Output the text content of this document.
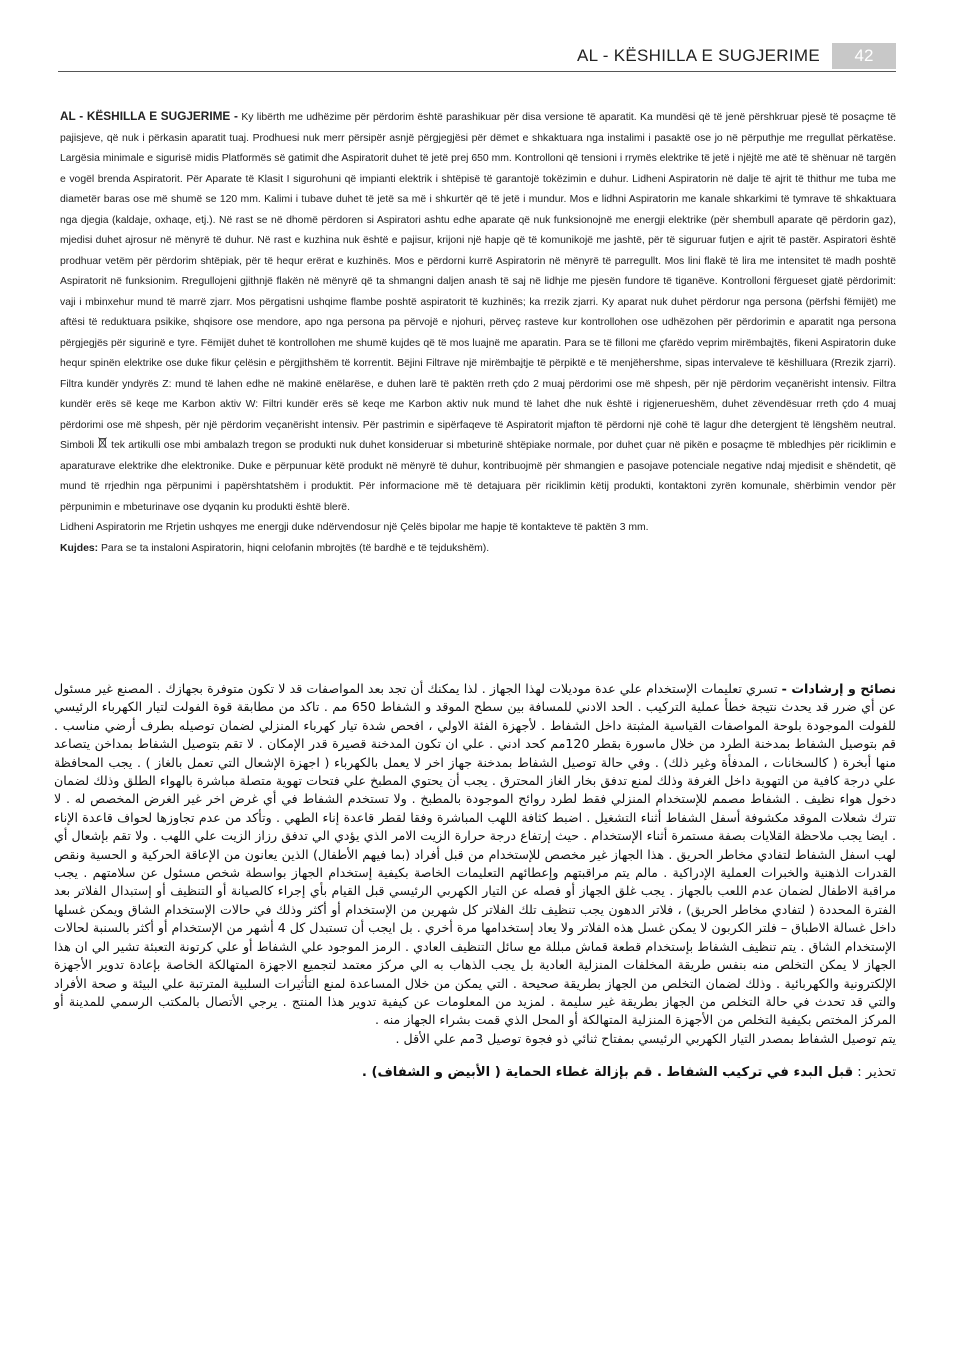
AL - KËSHILLA E SUGJERIME	42

AL - KËSHILLA E SUGJERIME - Ky libërth me udhëzime për përdorim është parashikuar për disa versione të aparatit. Ka mundësi që të jenë përshkruar pjesë të posaçme të pajisjeve, që nuk i përkasin aparatit tuaj. Prodhuesi nuk merr përsipër asnjë përgjegjësi për dëmet e shkaktuara nga instalimi i pasaktë ose jo në përputhje me rregullat përkatëse. Largësia minimale e sigurisë midis Platformës së gatimit dhe Aspiratorit duhet të jetë prej 650 mm. Kontrolloni që tensioni i rrymës elektrike të jetë i njëjtë me atë të shënuar në targën e vogël brenda Aspiratorit. Për Aparate të Klasit I sigurohuni që impianti elektrik i shtëpisë të garantojë tokëzimin e duhur. Lidheni Aspiratorin në dalje të ajrit të thithur me tuba me diametër baras ose më shumë se 120 mm. Kalimi i tubave duhet të jetë sa më i shkurtër që të jetë i mundur. Mos e lidhni Aspiratorin me kanale shkarkimi të tymrave të shkaktuara nga djegia (kaldaje, oxhaqe, etj.). Në rast se në dhomë përdoren si Aspiratori ashtu edhe aparate që nuk funksionojnë me energji elektrike (për shembull aparate që përdorin gaz), mjedisi duhet ajrosur në mënyrë të duhur. Në rast e kuzhina nuk është e pajisur, krijoni një hapje që të komunikojë me jashtë, për të siguruar futjen e ajrit të pastër. Aspiratori është prodhuar vetëm për përdorim shtëpiak, për të hequr erërat e kuzhinës. Mos e përdorni kurrë Aspiratorin në mënyrë të parregullt. Mos lini flakë të lira me intensitet të madh poshtë Aspiratorit në funksionim. Rregullojeni gjithnjë flakën në mënyrë që ta shmangni daljen anash të saj në lidhje me pjesën fundore të tiganëve. Kontrolloni fërgueset gjatë përdorimit: vaji i mbinxehur mund të marrë zjarr. Mos përgatisni ushqime flambe poshtë aspiratorit të kuzhinës; ka rrezik zjarri. Ky aparat nuk duhet përdorur nga persona (përfshi fëmijët) me aftësi të reduktuara psikike, shqisore ose mendore, apo nga persona pa përvojë e njohuri, përveç rasteve kur kontrollohen ose udhëzohen për përdorimin e aparatit nga persona përgjegjës për sigurinë e tyre. Fëmijët duhet të kontrollohen me shumë kujdes që të mos luajnë me aparatin. Para se të filloni me çfarëdo veprim mirëmbajtës, fikeni Aspiratorin duke hequr spinën elektrike ose duke fikur çelësin e përgjithshëm të korrentit. Bëjini Filtrave një mirëmbajtje të përpiktë e të menjëhershme, sipas intervaleve të këshilluara (Rrezik zjarri). Filtra kundër yndyrës Z: mund të lahen edhe në makinë enëlarëse, e duhen larë të paktën rreth çdo 2 muaj përdorimi ose më shpesh, për një përdorim veçanërisht intensiv. Filtra kundër erës së keqe me Karbon aktiv W: Filtri kundër erës së keqe me Karbon aktiv nuk mund të lahet dhe nuk është i rigjenerueshëm, duhet zëvendësuar rreth çdo 4 muaj përdorimi ose më shpesh, për një përdorim veçanërisht intensiv. Për pastrimin e sipërfaqeve të Aspiratorit mjafton të përdorni një cohë të lagur dhe detergjent të lëngshëm neutral. Simboli tek artikulli ose mbi ambalazh tregon se produkti nuk duhet konsideruar si mbeturinë shtëpiake normale, por duhet çuar në pikën e posaçme të mbledhjes për riciklimin e aparaturave elektrike dhe elektronike. Duke e përpunuar këtë produkt në mënyrë të duhur, kontribuojmë për shmangien e pasojave potenciale negative ndaj mjedisit e shëndetit, që mund të rrjedhin nga përpunimi i papërshtatshëm i produktit. Për informacione më të detajuara për riciklimin këtij produkti, kontaktoni zyrën komunale, shërbimin vendor për përpunimin e mbeturinave ose dyqanin ku produkti është blerë.

Lidheni Aspiratorin me Rrjetin ushqyes me energji duke ndërvendosur një Çelës bipolar me hapje të kontakteve të paktën 3 mm.

Kujdes: Para se ta instaloni Aspiratorin, hiqni celofanin mbrojtës (të bardhë e të tejdukshëm).

نصائح و إرشادات - تسري تعليمات الإستخدام علي عدة موديلات لهذا الجهاز . لذا يمكنك أن تجد بعد المواصفات قد لا تكون متوفرة بجهازك . المصنع غير مسئول عن أي ضرر قد يحدث نتيجة خطأ عملية التركيب . الحد الادني للمسافة بين سطح الموقد و الشفاط 650 مم . تاكد من مطابقة قوة الفولت لتيار الكهرباء الرئيسي للفولت الموجودة بلوحة المواصفات القياسية المثبتة داخل الشفاط . لأجهزة الفئة الاولي ، افحص شدة تيار كهرباء المنزلي لضمان توصيله بطرف أرضي مناسب . قم بتوصيل الشفاط بمدخنة الطرد من خلال ماسورة بقطر 120مم كحد ادني . علي ان تكون المدخنة قصيرة قدر الإمكان . لا تقم بتوصيل الشفاط بمداخن يتصاعد منها أبخرة ( كالسخانات ، المدفأة وغير ذلك) . وفي حالة توصيل الشفاط بمدخنة جهاز اخر لا يعمل بالكهرباء ( اجهزة الإشعال التي تعمل بالغاز ) . يجب المحافظة علي درجة كافية من التهوية داخل الغرفة وذلك لمنع تدفق بخار الغاز المحترق . يجب أن يحتوي المطبخ علي فتحات تهوية متصلة مباشرة بالهواء الطلق وذلك لضمان دخول هواء نظيف . الشفاط مصمم للإستخدام المنزلي فقط لطرد روائح الموجودة بالمطبخ . ولا تستخدم الشفاط في أي غرض اخر غير الغرض المخصص له . لا تترك شعلات الموقد مكشوفة أسفل الشفاط أثناء التشغيل . اضبط كثافة اللهب المباشرة وفقا لقطر قاعدة إناء الطهي . وتأكد من عدم تجاوزها لحواف قاعدة الإناء . ايضا يجب ملاحظة القلايات بصفة مستمرة أثناء الإستخدام . حيث إرتفاع درجة حرارة الزيت الامر الذي يؤدي الي تدفق رزاز الزيت علي اللهب . ولا تقم بإشعال أي لهب اسفل الشفاط لتفادي مخاطر الحريق . هذا الجهاز غير مخصص للإستخدام من قبل أفراد (بما فيهم الأطفال) الذين يعانون من الإعاقة الحركية و الحسية ونقص القدرات الذهنية والخبرات العملية الإدراكية . مالم يتم مراقبتهم وإعطائهم التعليمات الخاصة بكيفية إستخدام الجهاز بواسطة شخص مسئول عن سلامتهم . يجب مراقبة الاطفال لضمان عدم اللعب بالجهاز . يجب غلق الجهاز أو فصله عن التيار الكهربي الرئيسي قبل القيام بأي إجراء كالصيانة أو التنظيف أو إستبدال الفلاتر بعد الفترة المحددة ( لتفادي مخاطر الحريق) ، فلاتر الدهون يجب تنظيف تلك الفلاتر كل شهرين من الإستخدام أو أكثر وذلك في حالات الإستخدام الشاق ويمكن غسلها داخل غسالة الاطباق – فلتر الكربون لا يمكن غسل هذه الفلاتر ولا يعاد إستخدامها مرة أخري . بل ايجب أن تستبدل كل 4 أشهر من الإستخدام أو أكثر بالسنبة لحالات الإستخدام الشاق . يتم تنظيف الشفاط بإستخدام قطعة قماش مبللة مع سائل التنظيف العادي . الرمز الموجود علي الشفاط أو علي كرتونة التعبئة تشير الي ان هذا الجهاز لا يمكن التخلص منه بنفس طريقة المخلفات المنزلية العادية بل يجب الذهاب به الي مركز معتمد لتجميع الاجهزة المتهالكة الخاصة بإعادة تدوير الأجهزة الإلكترونية والكهربائية . وذلك لضمان التخلص من الجهاز بطريقة صحيحة . التي يمكن من خلال المساعدة لمنع التأثيرات السلبية المترتبة علي البيئة و صحة الأفراد والتي قد تحدث في حالة التخلص من الجهاز بطريقة غير سليمة . لمزيد من المعلومات عن كيفية تدوير هذا المنتج . يرجي الأتصال بالمكتب الرسمي للمدينة أو المركز المختص بكيفية التخلص من الأجهزة المنزلية المتهالكة أو المحل الذي قمت بشراء الجهاز منه .

يتم توصيل الشفاط بمصدر التيار الكهربي الرئيسي بمفتاح ثنائي ذو فجوة توصيل 3مم علي الأقل .

تحذير : قبل البدء في تركيب الشفاط . قم بإزالة غطاء الحماية ( الأبيض و الشفاف) .
